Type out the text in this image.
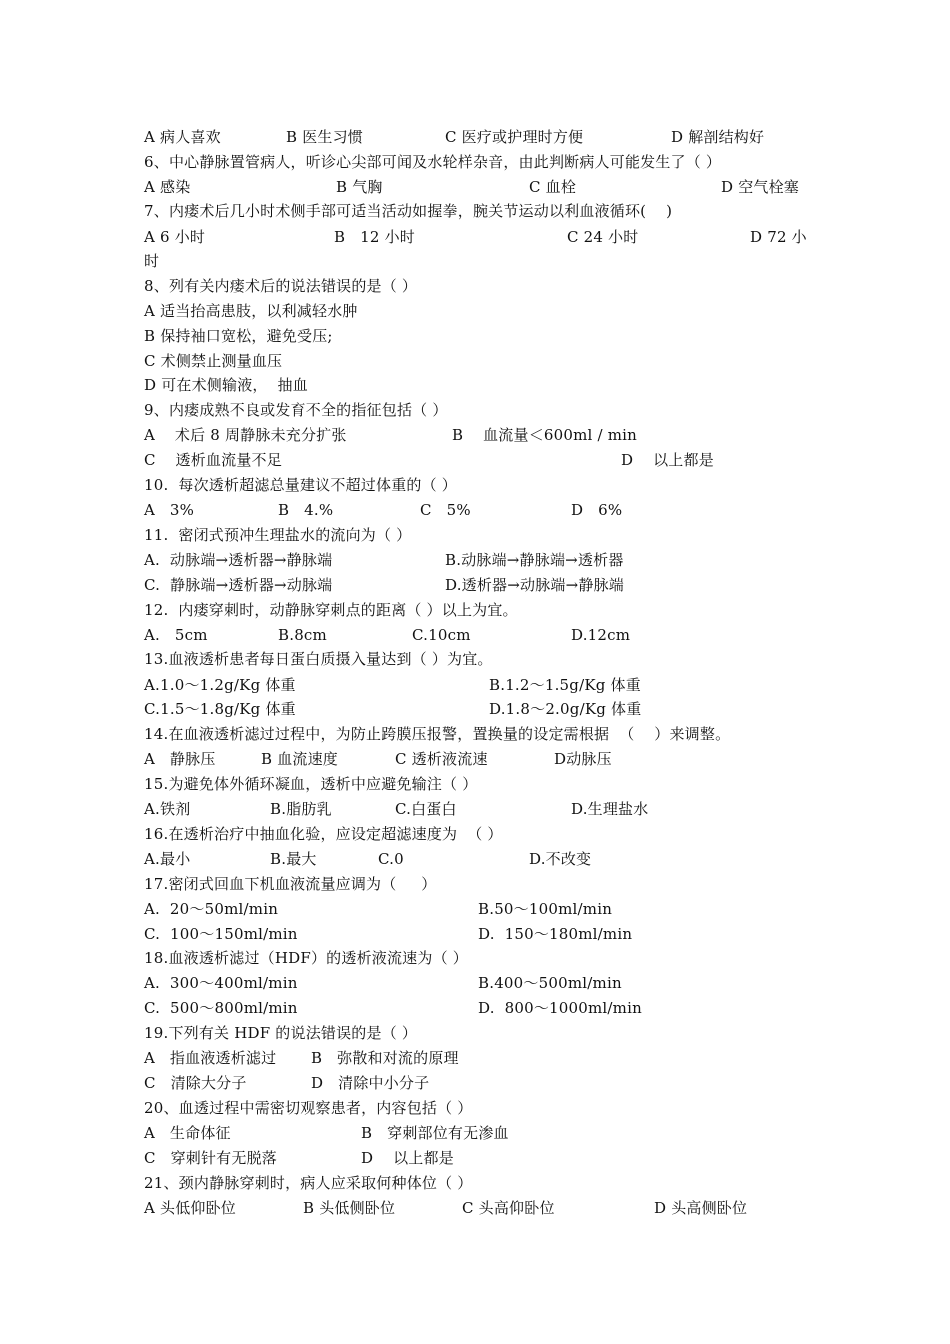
A 病人喜欢	B 医生习惯	C 医疗或护理时方便	D 解剖结构好
6、中心静脉置管病人，听诊心尖部可闻及水轮样杂音，由此判断病人可能发生了（ ）
A 感染	B 气胸	C 血栓	D 空气栓塞
7、内瘘术后几小时术侧手部可适当活动如握拳，腕关节运动以利血液循环(    )
A 6 小时	B   12 小时	C 24 小时	D 72 小
时
8、列有关内瘘术后的说法错误的是（ ）
A 适当抬高患肢，以利减轻水肿
B 保持袖口宽松，避免受压;
C 术侧禁止测量血压
D 可在术侧输液，  抽血
9、内瘘成熟不良或发育不全的指征包括（ ）
A    术后 8 周静脉未充分扩张	B    血流量＜600ml / min
C    透析血流量不足	D    以上都是
10.  每次透析超滤总量建议不超过体重的（ ）
A   3%	B   4.%	C   5%	D   6%
11.  密闭式预冲生理盐水的流向为（ ）
A.  动脉端→透析器→静脉端	B.动脉端→静脉端→透析器
C.  静脉端→透析器→动脉端	D.透析器→动脉端→静脉端
12.  内瘘穿刺时，动静脉穿刺点的距离（ ）以上为宜。
A.   5cm	B.8cm	C.10cm	D.12cm
13.血液透析患者每日蛋白质摄入量达到（ ）为宜。
A.1.0～1.2g/Kg 体重	B.1.2～1.5g/Kg 体重
C.1.5～1.8g/Kg 体重	D.1.8～2.0g/Kg 体重
14.在血液透析滤过过程中，为防止跨膜压报警，置换量的设定需根据  （    ）来调整。
A   静脉压	B 血流速度	C 透析液流速	D动脉压
15.为避免体外循环凝血，透析中应避免输注（ ）
A.铁剂	B.脂肪乳	C.白蛋白	D.生理盐水
16.在透析治疗中抽血化验，应设定超滤速度为  （ ）
A.最小	B.最大	C.0	D.不改变
17.密闭式回血下机血液流量应调为（     ）
A.  20～50ml/min	B.50～100ml/min
C.  100～150ml/min	D.  150～180ml/min
18.血液透析滤过（HDF）的透析液流速为（ ）
A.  300～400ml/min	B.400～500ml/min
C.  500～800ml/min	D.  800～1000ml/min
19.下列有关 HDF 的说法错误的是（ ）
A   指血液透析滤过 B   弥散和对流的原理
C   清除大分子	D   清除中小分子
20、血透过程中需密切观察患者，内容包括（ ）
A   生命体征	B   穿刺部位有无渗血
C   穿刺针有无脱落	D    以上都是
21、颈内静脉穿刺时，病人应采取何种体位（ ）
A 头低仰卧位	B 头低侧卧位	C 头高仰卧位	D 头高侧卧位
